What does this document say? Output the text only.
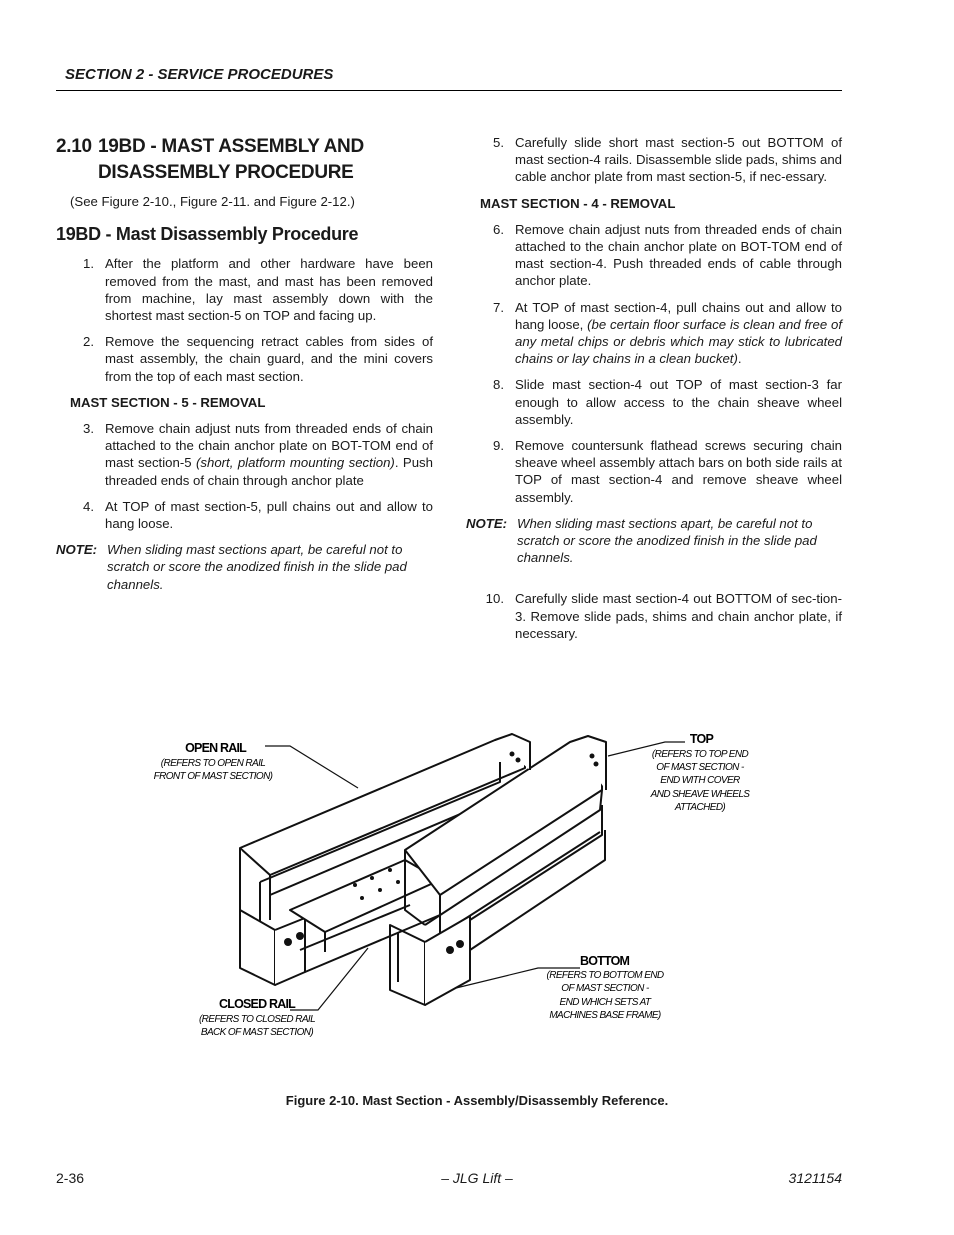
SECTION 2 - SERVICE PROCEDURES
2.10 19BD - MAST ASSEMBLY AND
DISASSEMBLY PROCEDURE
(See Figure 2-10., Figure 2-11. and Figure 2-12.)
19BD - Mast Disassembly Procedure
1. After the platform and other hardware have been removed from the mast, and mast has been removed from machine, lay mast assembly down with the shortest mast section-5 on TOP and facing up.
2. Remove the sequencing retract cables from sides of mast assembly, the chain guard, and the mini covers from the top of each mast section.
MAST SECTION - 5 - REMOVAL
3. Remove chain adjust nuts from threaded ends of chain attached to the chain anchor plate on BOT-TOM end of mast section-5 (short, platform mounting section). Push threaded ends of chain through anchor plate
4. At TOP of mast section-5, pull chains out and allow to hang loose.
NOTE: When sliding mast sections apart, be careful not to scratch or score the anodized finish in the slide pad channels.
5. Carefully slide short mast section-5 out BOTTOM of mast section-4 rails. Disassemble slide pads, shims and cable anchor plate from mast section-5, if nec-essary.
MAST SECTION - 4 - REMOVAL
6. Remove chain adjust nuts from threaded ends of chain attached to the chain anchor plate on BOT-TOM end of mast section-4. Push threaded ends of cable through anchor plate.
7. At TOP of mast section-4, pull chains out and allow to hang loose, (be certain floor surface is clean and free of any metal chips or debris which may stick to lubricated chains or lay chains in a clean bucket).
8. Slide mast section-4 out TOP of mast section-3 far enough to allow access to the chain sheave wheel assembly.
9. Remove countersunk flathead screws securing chain sheave wheel assembly attach bars on both side rails at TOP of mast section-4 and remove sheave wheel assembly.
NOTE: When sliding mast sections apart, be careful not to scratch or score the anodized finish in the slide pad channels.
10. Carefully slide mast section-4 out BOTTOM of sec-tion-3. Remove slide pads, shims and chain anchor plate, if necessary.
OPEN RAIL
(REFERS TO OPEN RAIL
FRONT OF MAST SECTION)
TOP
(REFERS TO TOP END
OF MAST SECTION -
END WITH COVER
AND SHEAVE WHEELS
ATTACHED)
BOTTOM
(REFERS TO BOTTOM END
OF MAST SECTION -
END WHICH SETS AT
MACHINES BASE FRAME)
CLOSED RAIL
(REFERS TO CLOSED RAIL
BACK OF MAST SECTION)
Figure 2-10. Mast Section - Assembly/Disassembly Reference.
2-36	– JLG Lift –	3121154
